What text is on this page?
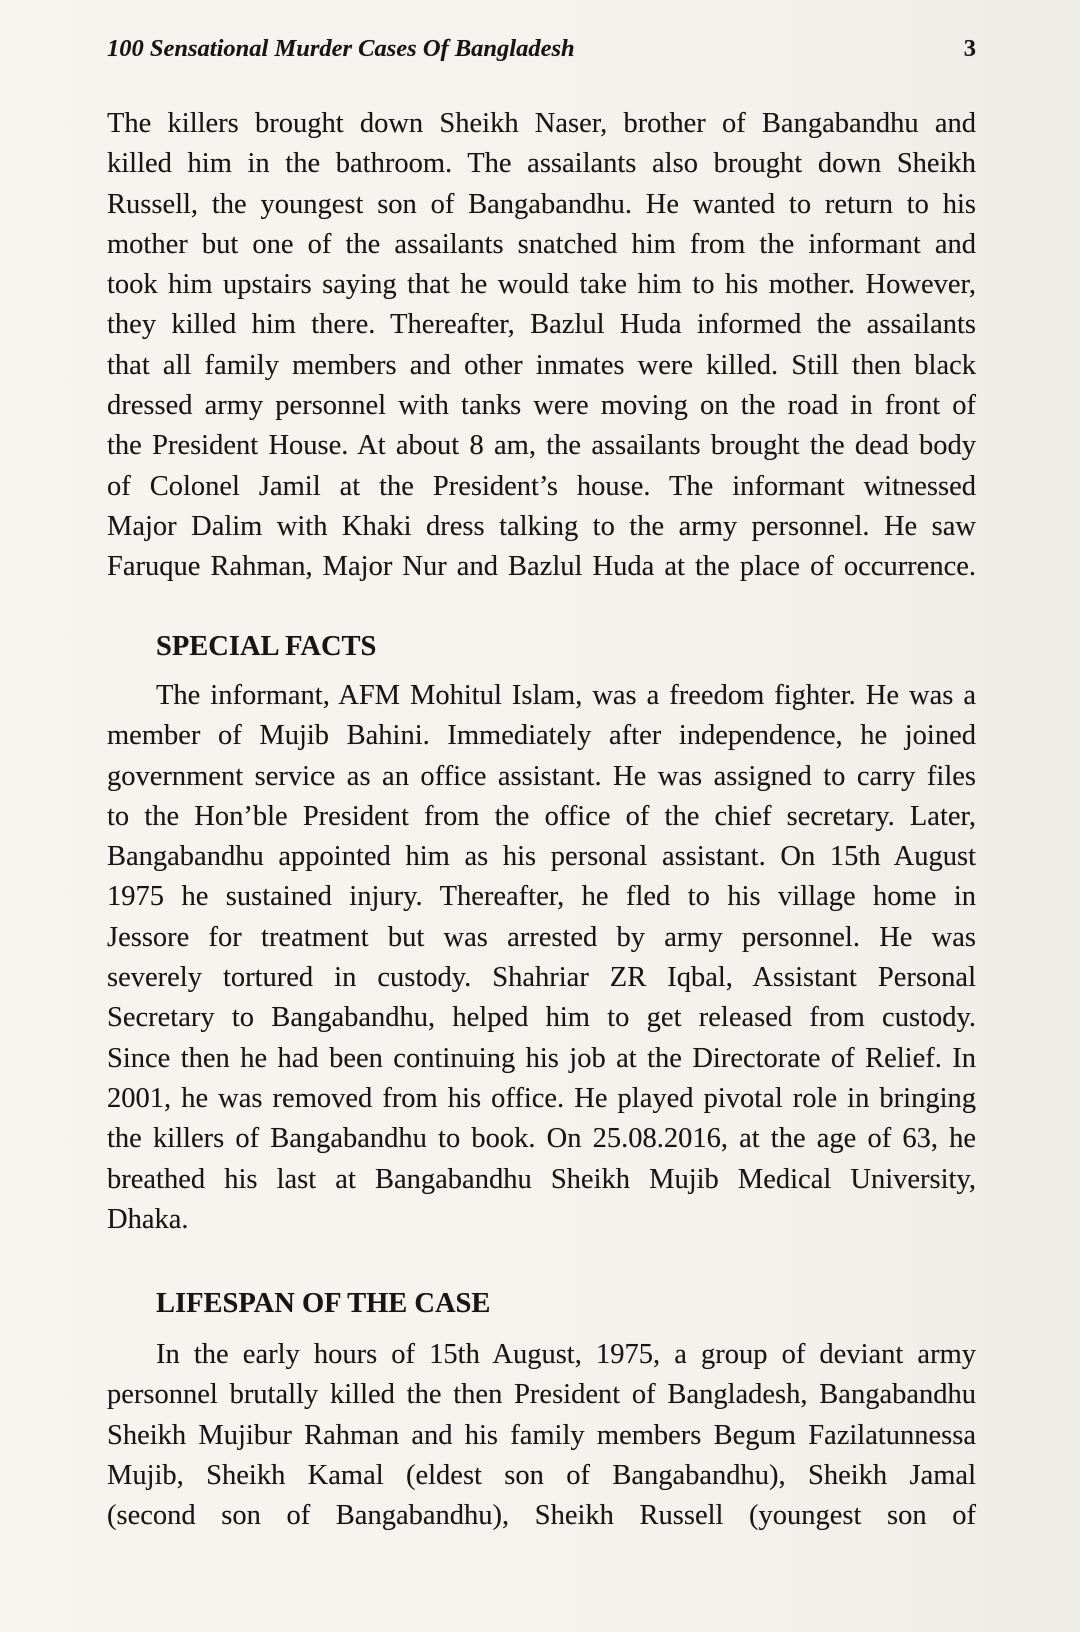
100 Sensational Murder Cases Of Bangladesh	3
The killers brought down Sheikh Naser, brother of Bangabandhu and
killed him in the bathroom. The assailants also brought down Sheikh
Russell, the youngest son of Bangabandhu. He wanted to return to his
mother but one of the assailants snatched him from the informant and
took him upstairs saying that he would take him to his mother. However,
they killed him there. Thereafter, Bazlul Huda informed the assailants
that all family members and other inmates were killed. Still then black
dressed army personnel with tanks were moving on the road in front of
the President House. At about 8 am, the assailants brought the dead body
of Colonel Jamil at the President’s house. The informant witnessed
Major Dalim with Khaki dress talking to the army personnel. He saw
Faruque Rahman, Major Nur and Bazlul Huda at the place of occurrence.
SPECIAL FACTS
The informant, AFM Mohitul Islam, was a freedom fighter. He was a
member of Mujib Bahini. Immediately after independence, he joined
government service as an office assistant. He was assigned to carry files
to the Hon’ble President from the office of the chief secretary. Later,
Bangabandhu appointed him as his personal assistant. On 15th August
1975 he sustained injury. Thereafter, he fled to his village home in
Jessore for treatment but was arrested by army personnel. He was
severely tortured in custody. Shahriar ZR Iqbal, Assistant Personal
Secretary to Bangabandhu, helped him to get released from custody.
Since then he had been continuing his job at the Directorate of Relief. In
2001, he was removed from his office. He played pivotal role in bringing
the killers of Bangabandhu to book. On 25.08.2016, at the age of 63, he
breathed his last at Bangabandhu Sheikh Mujib Medical University,
Dhaka.
LIFESPAN OF THE CASE
In the early hours of 15th August, 1975, a group of deviant army
personnel brutally killed the then President of Bangladesh, Bangabandhu
Sheikh Mujibur Rahman and his family members Begum Fazilatunnessa
Mujib, Sheikh Kamal (eldest son of Bangabandhu), Sheikh Jamal
(second son of Bangabandhu), Sheikh Russell (youngest son of
